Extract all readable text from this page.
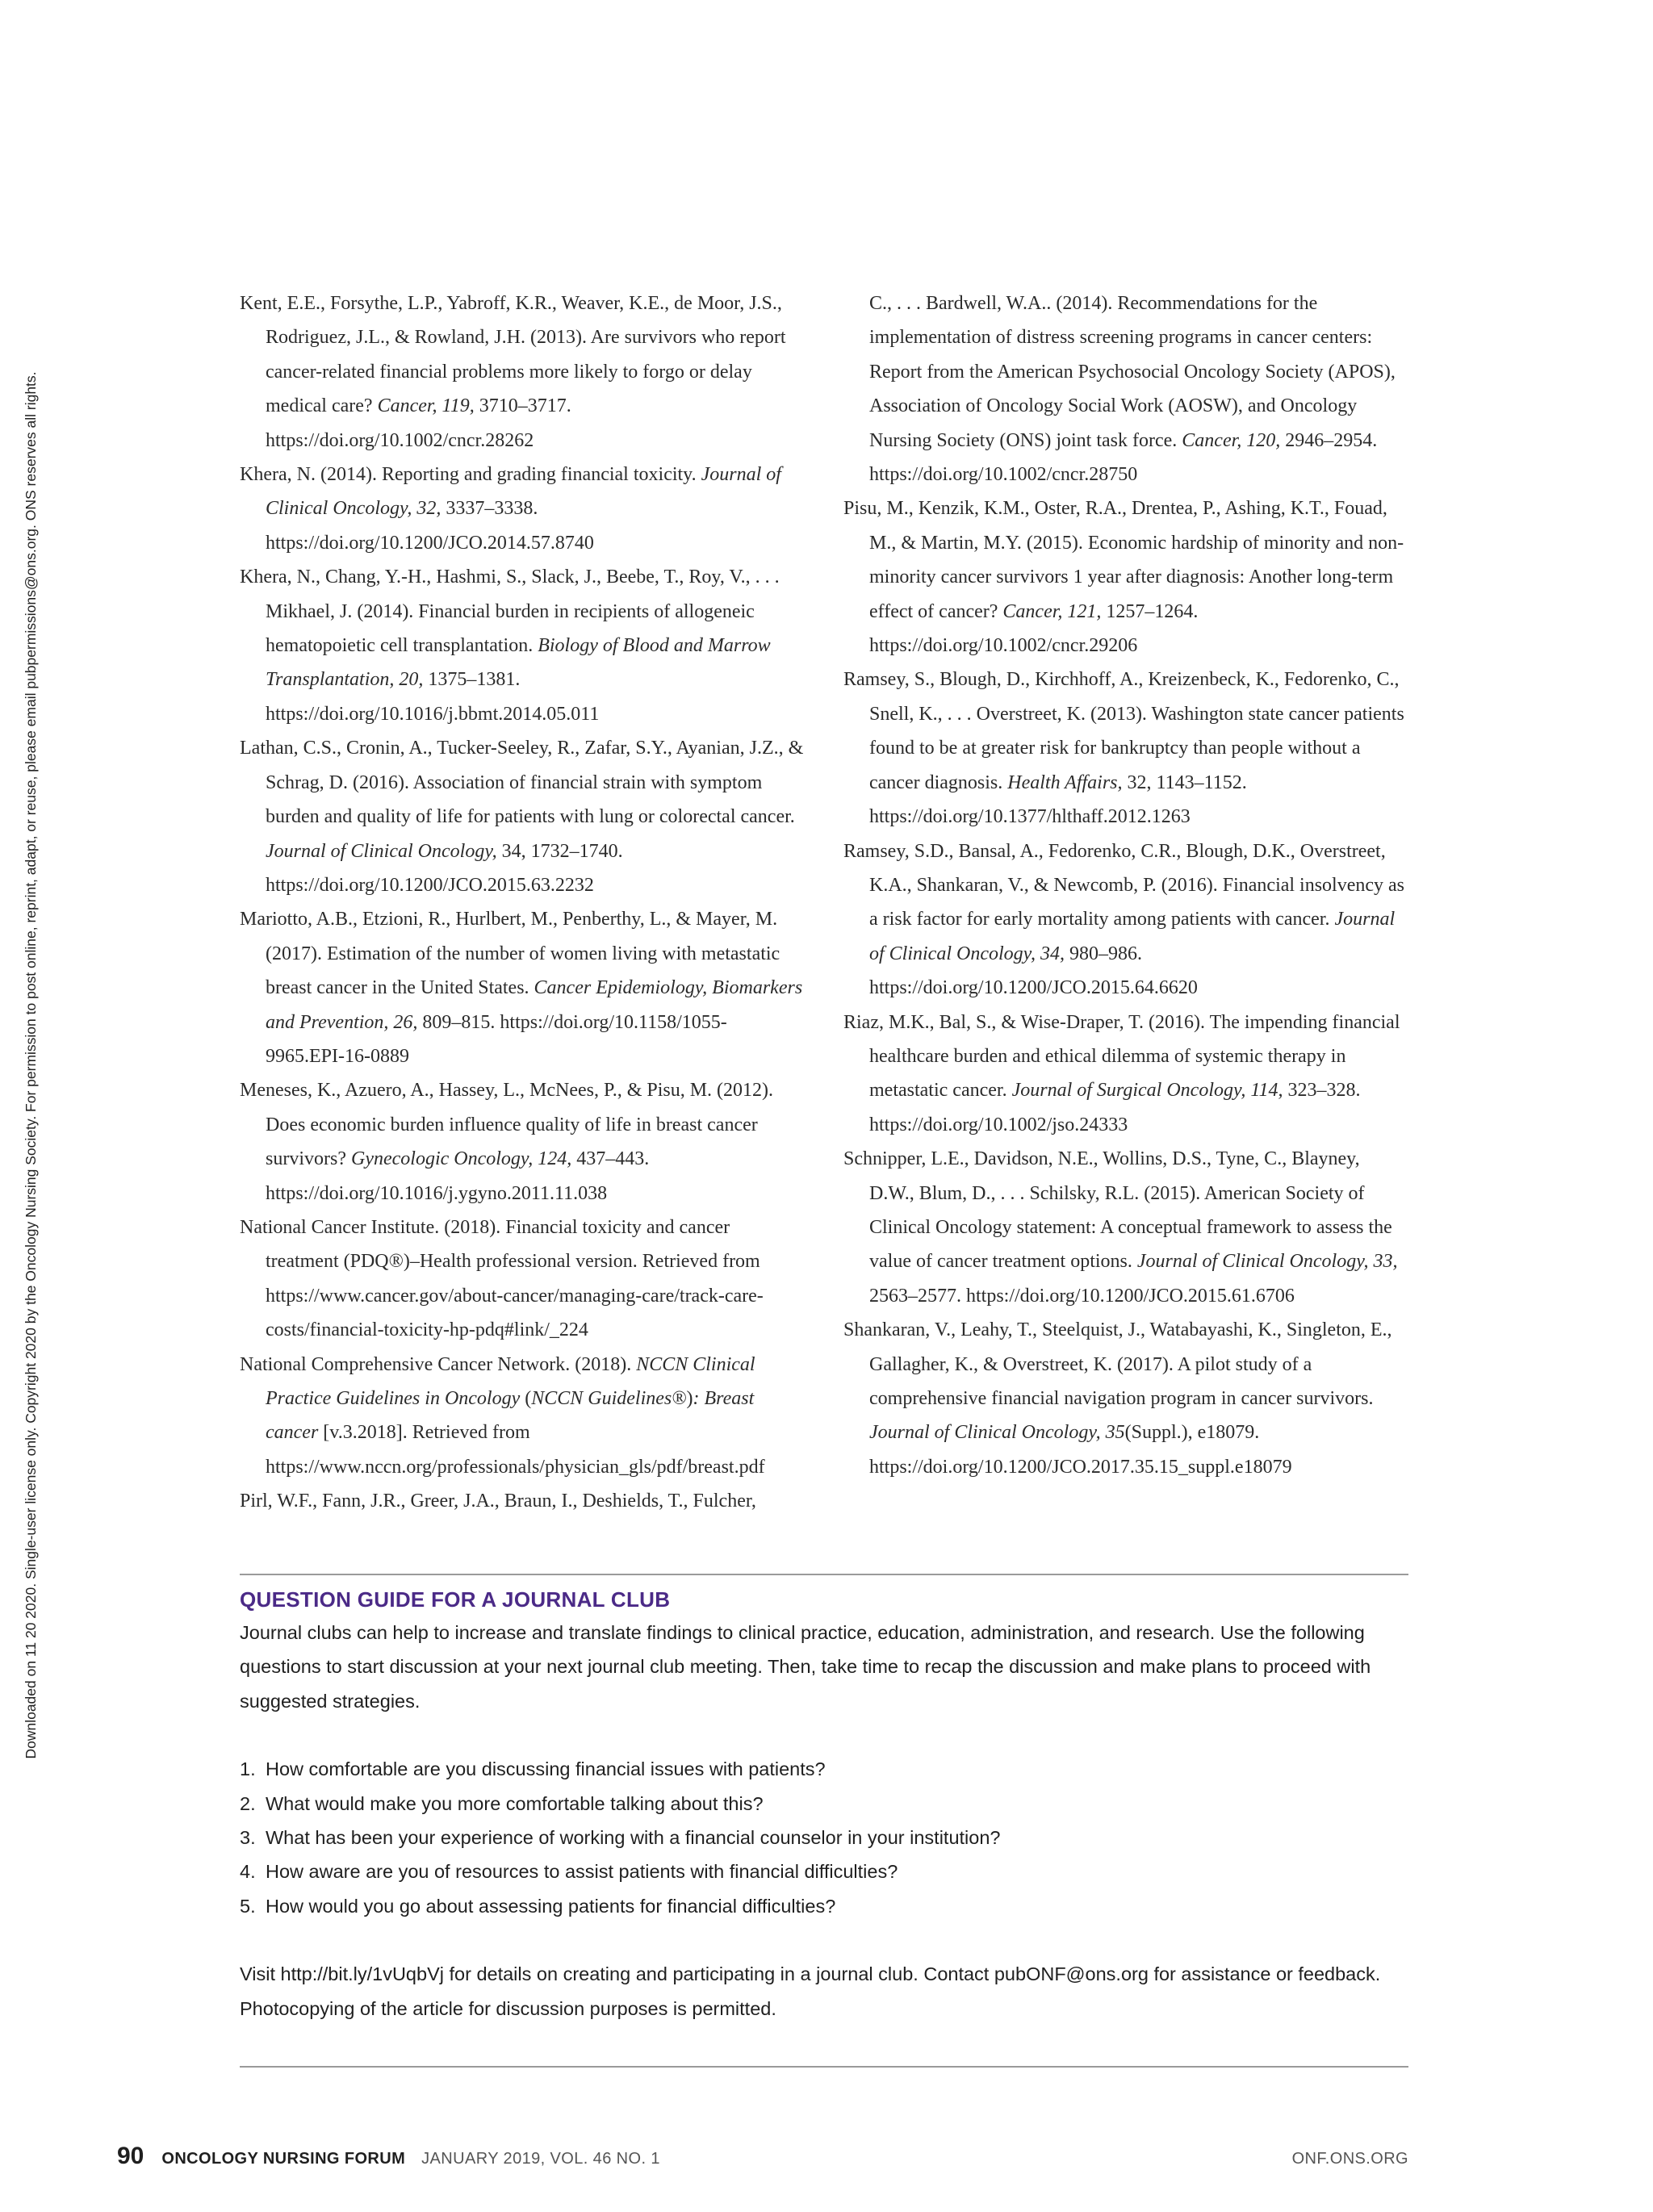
Downloaded on 11 20 2020. Single-user license only. Copyright 2020 by the Oncology Nursing Society. For permission to post online, reprint, adapt, or reuse, please email pubpermissions@ons.org. ONS reserves all rights.

Kent, E.E., Forsythe, L.P., Yabroff, K.R., Weaver, K.E., de Moor, J.S., Rodriguez, J.L., & Rowland, J.H. (2013). Are survivors who report cancer-related financial problems more likely to forgo or delay medical care? Cancer, 119, 3710–3717. https://doi.org/10.1002/cncr.28262

Khera, N. (2014). Reporting and grading financial toxicity. Journal of Clinical Oncology, 32, 3337–3338. https://doi.org/10.1200/JCO.2014.57.8740

Khera, N., Chang, Y.-H., Hashmi, S., Slack, J., Beebe, T., Roy, V., . . . Mikhael, J. (2014). Financial burden in recipients of allogeneic hematopoietic cell transplantation. Biology of Blood and Marrow Transplantation, 20, 1375–1381. https://doi.org/10.1016/j.bbmt.2014.05.011

Lathan, C.S., Cronin, A., Tucker-Seeley, R., Zafar, S.Y., Ayanian, J.Z., & Schrag, D. (2016). Association of financial strain with symptom burden and quality of life for patients with lung or colorectal cancer. Journal of Clinical Oncology, 34, 1732–1740. https://doi.org/10.1200/JCO.2015.63.2232

Mariotto, A.B., Etzioni, R., Hurlbert, M., Penberthy, L., & Mayer, M. (2017). Estimation of the number of women living with metastatic breast cancer in the United States. Cancer Epidemiology, Biomarkers and Prevention, 26, 809–815. https://doi.org/10.1158/1055-9965.EPI-16-0889

Meneses, K., Azuero, A., Hassey, L., McNees, P., & Pisu, M. (2012). Does economic burden influence quality of life in breast cancer survivors? Gynecologic Oncology, 124, 437–443. https://doi.org/10.1016/j.ygyno.2011.11.038

National Cancer Institute. (2018). Financial toxicity and cancer treatment (PDQ®)–Health professional version. Retrieved from https://www.cancer.gov/about-cancer/managing-care/track-care-costs/financial-toxicity-hp-pdq#link/_224

National Comprehensive Cancer Network. (2018). NCCN Clinical Practice Guidelines in Oncology (NCCN Guidelines®): Breast cancer [v.3.2018]. Retrieved from https://www.nccn.org/professionals/physician_gls/pdf/breast.pdf

Pirl, W.F., Fann, J.R., Greer, J.A., Braun, I., Deshields, T., Fulcher,

C., . . . Bardwell, W.A.. (2014). Recommendations for the implementation of distress screening programs in cancer centers: Report from the American Psychosocial Oncology Society (APOS), Association of Oncology Social Work (AOSW), and Oncology Nursing Society (ONS) joint task force. Cancer, 120, 2946–2954. https://doi.org/10.1002/cncr.28750

Pisu, M., Kenzik, K.M., Oster, R.A., Drentea, P., Ashing, K.T., Fouad, M., & Martin, M.Y. (2015). Economic hardship of minority and non-minority cancer survivors 1 year after diagnosis: Another long-term effect of cancer? Cancer, 121, 1257–1264. https://doi.org/10.1002/cncr.29206

Ramsey, S., Blough, D., Kirchhoff, A., Kreizenbeck, K., Fedorenko, C., Snell, K., . . . Overstreet, K. (2013). Washington state cancer patients found to be at greater risk for bankruptcy than people without a cancer diagnosis. Health Affairs, 32, 1143–1152. https://doi.org/10.1377/hlthaff.2012.1263

Ramsey, S.D., Bansal, A., Fedorenko, C.R., Blough, D.K., Overstreet, K.A., Shankaran, V., & Newcomb, P. (2016). Financial insolvency as a risk factor for early mortality among patients with cancer. Journal of Clinical Oncology, 34, 980–986. https://doi.org/10.1200/JCO.2015.64.6620

Riaz, M.K., Bal, S., & Wise-Draper, T. (2016). The impending financial healthcare burden and ethical dilemma of systemic therapy in metastatic cancer. Journal of Surgical Oncology, 114, 323–328. https://doi.org/10.1002/jso.24333

Schnipper, L.E., Davidson, N.E., Wollins, D.S., Tyne, C., Blayney, D.W., Blum, D., . . . Schilsky, R.L. (2015). American Society of Clinical Oncology statement: A conceptual framework to assess the value of cancer treatment options. Journal of Clinical Oncology, 33, 2563–2577. https://doi.org/10.1200/JCO.2015.61.6706

Shankaran, V., Leahy, T., Steelquist, J., Watabayashi, K., Singleton, E., Gallagher, K., & Overstreet, K. (2017). A pilot study of a comprehensive financial navigation program in cancer survivors. Journal of Clinical Oncology, 35(Suppl.), e18079. https://doi.org/10.1200/JCO.2017.35.15_suppl.e18079

QUESTION GUIDE FOR A JOURNAL CLUB

Journal clubs can help to increase and translate findings to clinical practice, education, administration, and research. Use the following questions to start discussion at your next journal club meeting. Then, take time to recap the discussion and make plans to proceed with suggested strategies.

1. How comfortable are you discussing financial issues with patients?
2. What would make you more comfortable talking about this?
3. What has been your experience of working with a financial counselor in your institution?
4. How aware are you of resources to assist patients with financial difficulties?
5. How would you go about assessing patients for financial difficulties?

Visit http://bit.ly/1vUqbVj for details on creating and participating in a journal club. Contact pubONF@ons.org for assistance or feedback. Photocopying of the article for discussion purposes is permitted.

90 ONCOLOGY NURSING FORUM JANUARY 2019, VOL. 46 NO. 1	ONF.ONS.ORG
